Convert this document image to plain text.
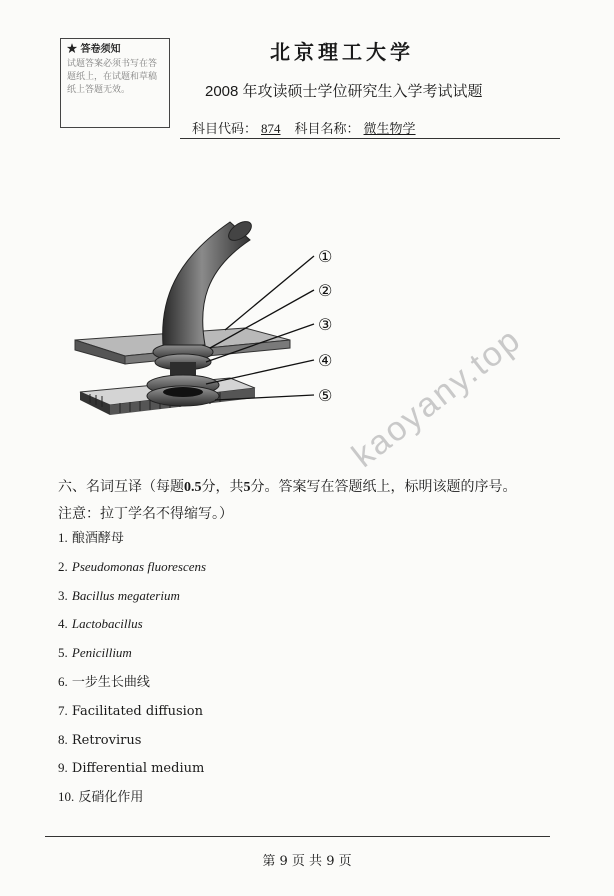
★ 答卷须知
试题答案必须书写在答题纸上，在试题和草稿纸上答题无效。
北京理工大学
2008 年攻读硕士学位研究生入学考试试题
科目代码： 874 科目名称： 微生物学
①
②
③
④
⑤ kaoyany.top
六、名词互译（每题0.5分，共5分。答案写在答题纸上，标明该题的序号。
注意：拉丁学名不得缩写。）
1. 酿酒酵母
2. Pseudomonas fluorescens
3. Bacillus megaterium
4. Lactobacillus
5. Penicillium
6. 一步生长曲线
7. Facilitated diffusion
8. Retrovirus
9. Differential medium
10. 反硝化作用
第 9 页 共 9 页
